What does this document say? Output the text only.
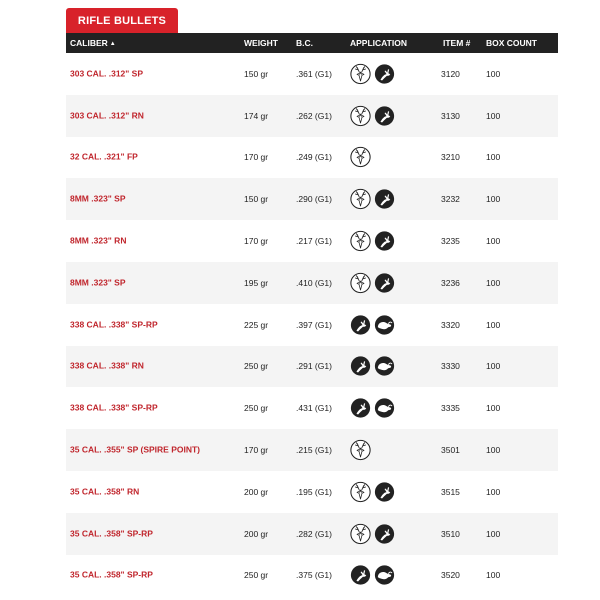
RIFLE BULLETS
CALIBER ▲	WEIGHT B.C.	APPLICATION	ITEM # BOX COUNT
303 CAL. .312" SP	150 gr	.361 (G1)	3120	100
303 CAL. .312" RN	174 gr	.262 (G1)	3130	100
32 CAL. .321" FP	170 gr	.249 (G1)	3210	100
8MM .323" SP	150 gr	.290 (G1)	3232	100
8MM .323" RN	170 gr	.217 (G1)	3235	100
8MM .323" SP	195 gr	.410 (G1)	3236	100
338 CAL. .338" SP-RP	225 gr	.397 (G1)	3320	100
338 CAL. .338" RN	250 gr	.291 (G1)	3330	100
338 CAL. .338" SP-RP	250 gr	.431 (G1)	3335	100
35 CAL. .355" SP (SPIRE POINT)	170 gr	.215 (G1)	3501	100
35 CAL. .358" RN	200 gr	.195 (G1)	3515	100
35 CAL. .358" SP-RP	200 gr	.282 (G1)	3510	100
35 CAL. .358" SP-RP	250 gr	.375 (G1)	3520	100
